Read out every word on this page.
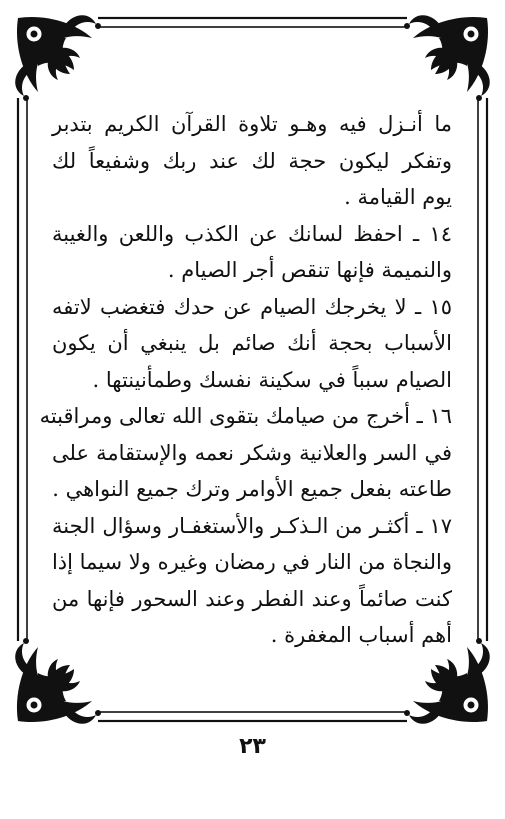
ما أنـزل فيه وهـو تلاوة القرآن الكريم بتدبر
وتفكر ليكون حجة لك عند ربك وشفيعاً لك
يوم القيامة .
١٤ ـ احفظ لسانك عن الكذب واللعن والغيبة
والنميمة فإنها تنقص أجر الصيام .
١٥ ـ لا يخرجك الصيام عن حدك فتغضب لاتفه
الأسباب بحجة أنك صائم بل ينبغي أن يكون
الصيام سبباً في سكينة نفسك وطمأنينتها .
١٦ ـ أخرج من صيامك بتقوى الله تعالى ومراقبته
في السر والعلانية وشكر نعمه والإستقامة على
طاعته بفعل جميع الأوامر وترك جميع النواهي .
١٧ ـ أكثـر من الـذكـر والأستغفـار وسؤال الجنة
والنجاة من النار في رمضان وغيره ولا سيما إذا
كنت صائماً وعند الفطر وعند السحور فإنها من
أهم أسباب المغفرة .
٢٣
